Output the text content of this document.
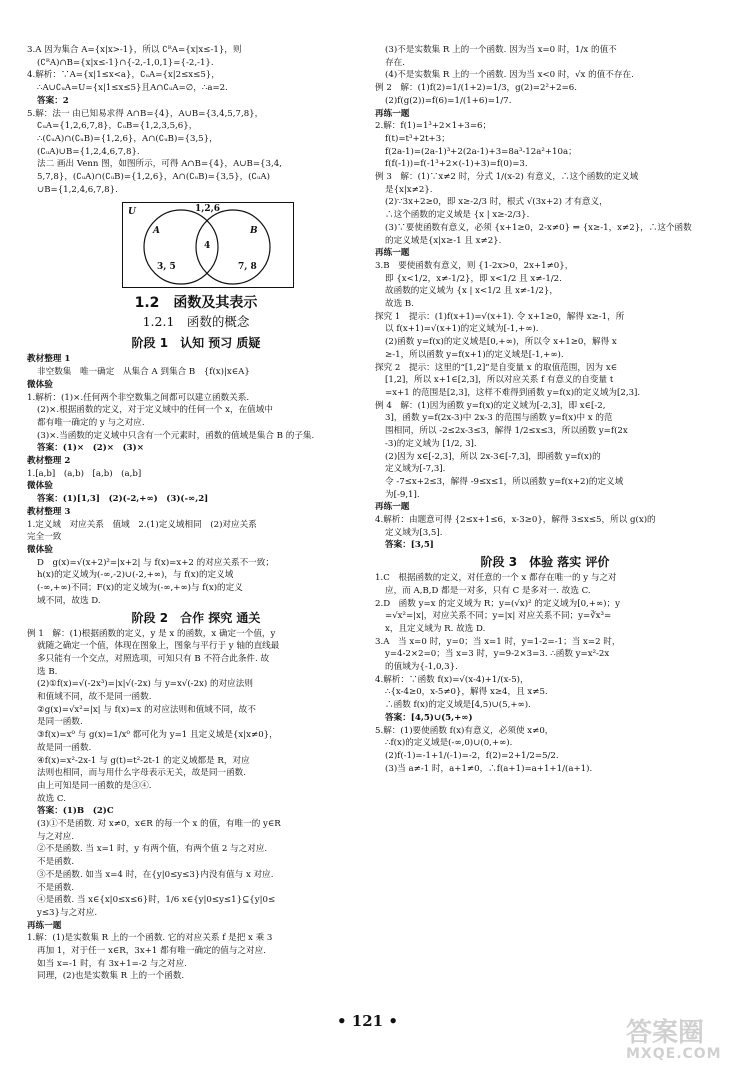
3.A 因为集合 A={x|x>-1}，所以 ∁ᴿA={x|x≤-1}，则
(∁ᴿA)∩B={x|x≤-1}∩{-2,-1,0,1}={-2,-1}.
4.解析：∵A={x|1≤x<a}，∁ᵤA={x|2≤x≤5}，
∴A∪∁ᵤA=U={x|1≤x≤5}且A∩∁ᵤA=∅，∴a=2.
答案：2
5.解：法一 由已知易求得 A∩B={4}，A∪B={3,4,5,7,8}，
∁ᵤA={1,2,6,7,8}，∁ᵤB={1,2,3,5,6}，
∴(∁ᵤA)∩(∁ᵤB)={1,2,6}，A∩(∁ᵤB)={3,5}，
(∁ᵤA)∪B={1,2,4,6,7,8}.
法二 画出 Venn 图，如图所示，可得 A∩B={4}，A∪B={3,4,
5,7,8}，(∁ᵤA)∩(∁ᵤB)={1,2,6}，A∩(∁ᵤB)={3,5}，(∁ᵤA)
∪B={1,2,4,6,7,8}.
U	1,2,6
A	B
4
3, 5	7, 8
1.2　函数及其表示
1.2.1　函数的概念
阶段 1　认知 预习 质疑
教材整理 1
非空数集　唯一确定　从集合 A 到集合 B　{f(x)|x∈A}
微体验
1.解析：(1)×.任何两个非空数集之间都可以建立函数关系.
(2)×.根据函数的定义，对于定义域中的任何一个 x，在值域中
都有唯一确定的 y 与之对应.
(3)×.当函数的定义域中只含有一个元素时，函数的值域是集合 B 的子集.
答案：(1)×　(2)×　(3)×
教材整理 2
1.[a,b]　(a,b)　[a,b)　(a,b]
微体验
答案：(1)[1,3]　(2)(-2,+∞)　(3)(-∞,2]
教材整理 3
1.定义域　对应关系　值域　2.(1)定义域相同　(2)对应关系
完全一致
微体验
D　g(x)=√(x+2)²=|x+2| 与 f(x)=x+2 的对应关系不一致；
h(x)的定义域为(-∞,-2)∪(-2,+∞)，与 f(x)的定义域
(-∞,+∞)不同；F(x)的定义域为(-∞,+∞)与 f(x)的定义
域不同，故选 D.
阶段 2　合作 探究 通关
例 1　解：(1)根据函数的定义，y 是 x 的函数，x 确定一个值，y
就随之确定一个值，体现在图象上，图象与平行于 y 轴的直线最
多只能有一个交点，对照选项，可知只有 B 不符合此条件. 故
选 B.
(2)①f(x)=√(-2x³)=|x|√(-2x) 与 y=x√(-2x) 的对应法则
和值域不同，故不是同一函数.
②g(x)=√x²=|x| 与 f(x)=x 的对应法则和值域不同，故不
是同一函数.
③f(x)=x⁰ 与 g(x)=1/x⁰ 都可化为 y=1 且定义域是{x|x≠0}，
故是同一函数.
④f(x)=x²-2x-1 与 g(t)=t²-2t-1 的定义域都是 R，对应
法则也相同，而与用什么字母表示无关，故是同一函数.
由上可知是同一函数的是③④.
故选 C.
答案：(1)B　(2)C
(3)①不是函数. 对 x≠0，x∈R 的每一个 x 的值，有唯一的 y∈R
与之对应.
②不是函数. 当 x=1 时，y 有两个值，有两个值 2 与之对应.
不是函数.
③不是函数. 如当 x=4 时，在{y|0≤y≤3}内没有值与 x 对应.
不是函数.
④是函数. 当 x∈{x|0≤x≤6}时，1/6 x∈{y|0≤y≤1}⊆{y|0≤
y≤3}与之对应.
再练一题
1.解：(1)是实数集 R 上的一个函数. 它的对应关系 f 是把 x 乘 3
再加 1，对于任一 x∈R，3x+1 都有唯一确定的值与之对应.
如当 x=-1 时，有 3x+1=-2 与之对应.
同理，(2)也是实数集 R 上的一个函数.
(3)不是实数集 R 上的一个函数. 因为当 x=0 时，1/x 的值不
存在.
(4)不是实数集 R 上的一个函数. 因为当 x<0 时，√x 的值不存在.
例 2　解：(1)f(2)=1/(1+2)=1/3，g(2)=2²+2=6.
(2)f(g(2))=f(6)=1/(1+6)=1/7.
再练一题
2.解：f(1)=1³+2×1+3=6；
f(t)=t³+2t+3；
f(2a-1)=(2a-1)³+2(2a-1)+3=8a³-12a²+10a；
f(f(-1))=f(-1³+2×(-1)+3)=f(0)=3.
例 3　解：(1)∵x≠2 时，分式 1/(x-2) 有意义，∴这个函数的定义域
是{x|x≠2}.
(2)∵3x+2≥0，即 x≥-2/3 时，根式 √(3x+2) 才有意义，
∴这个函数的定义域是 {x | x≥-2/3}.
(3)∵要使函数有意义，必须 {x+1≥0，2-x≠0} ⇒ {x≥-1，x≠2}，∴这个函数
的定义域是{x|x≥-1 且 x≠2}.
再练一题
3.B　要使函数有意义，则 {1-2x>0，2x+1≠0}，
即 {x<1/2，x≠-1/2}，即 x<1/2 且 x≠-1/2.
故函数的定义域为 {x | x<1/2 且 x≠-1/2}，
故选 B.
探究 1　提示：(1)f(x+1)=√(x+1). 令 x+1≥0，解得 x≥-1，所
以 f(x+1)=√(x+1)的定义域为[-1,+∞).
(2)函数 y=f(x)的定义域是[0,+∞)，所以令 x+1≥0，解得 x
≥-1，所以函数 y=f(x+1)的定义域是[-1,+∞).
探究 2　提示：这里的“[1,2]”是自变量 x 的取值范围，因为 x∈
[1,2]，所以 x+1∈[2,3]，所以对应关系 f 有意义的自变量 t
=x+1 的范围是[2,3]，这样不难得到函数 y=f(x)的定义域为[2,3].
例 4　解：(1)因为函数 y=f(x)的定义域为[-2,3]，即 x∈[-2,
3]，函数 y=f(2x-3)中 2x-3 的范围与函数 y=f(x)中 x 的范
围相同，所以 -2≤2x-3≤3，解得 1/2≤x≤3，所以函数 y=f(2x
-3)的定义域为 [1/2, 3].
(2)因为 x∈[-2,3]，所以 2x-3∈[-7,3]，即函数 y=f(x)的
定义域为[-7,3].
令 -7≤x+2≤3，解得 -9≤x≤1，所以函数 y=f(x+2)的定义域
为[-9,1].
再练一题
4.解析：由题意可得 {2≤x+1≤6，x-3≥0}，解得 3≤x≤5，所以 g(x)的
定义域为[3,5].
答案：[3,5]
阶段 3　体验 落实 评价
1.C　根据函数的定义，对任意的一个 x 都存在唯一的 y 与之对
应，而 A,B,D 都是一对多，只有 C 是多对一. 故选 C.
2.D　函数 y=x 的定义域为 R；y=(√x)² 的定义域为[0,+∞)；y
=√x²=|x|，对应关系不同；y=|x| 对应关系不同；y=∛x³=
x，且定义域为 R. 故选 D.
3.A　当 x=0 时，y=0；当 x=1 时，y=1-2=-1；当 x=2 时，
y=4-2×2=0；当 x=3 时，y=9-2×3=3. ∴函数 y=x²-2x
的值域为{-1,0,3}.
4.解析：∵函数 f(x)=√(x-4)+1/(x-5)，
∴{x-4≥0，x-5≠0}，解得 x≥4，且 x≠5.
∴函数 f(x)的定义域是[4,5)∪(5,+∞).
答案：[4,5)∪(5,+∞)
5.解：(1)要使函数 f(x)有意义，必须使 x≠0，
∴f(x)的定义域是(-∞,0)∪(0,+∞).
(2)f(-1)=-1+1/(-1)=-2，f(2)=2+1/2=5/2.
(3)当 a≠-1 时，a+1≠0，∴f(a+1)=a+1+1/(a+1).
• 121 •	答案圈
MXQE.COM
